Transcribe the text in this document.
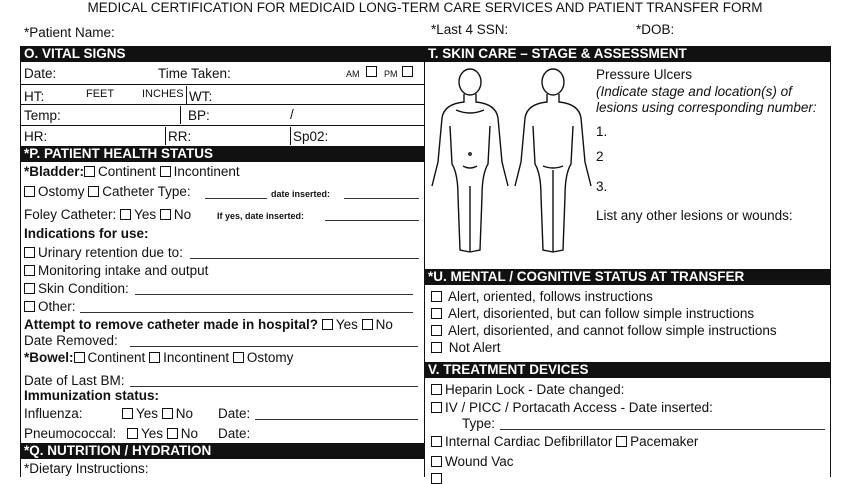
MEDICAL CERTIFICATION FOR MEDICAID LONG-TERM CARE SERVICES AND PATIENT TRANSFER FORM
*Patient Name:	*Last 4 SSN:	*DOB:
O. VITAL SIGNS
Date:	Time Taken:	AM	PM
HT:	FEET	INCHES WT:
Temp:	BP:	/
HR:	RR:	Sp02:
*P. PATIENT HEALTH STATUS
*Bladder: Continent Incontinent
Ostomy Catheter Type:	date inserted:
Foley Catheter: Yes No	If yes, date inserted:
Indications for use:
Urinary retention due to:
Monitoring intake and output
Skin Condition:
Other:
Attempt to remove catheter made in hospital? Yes No
Date Removed:
*Bowel: Continent Incontinent Ostomy
Date of Last BM:
Immunization status:
Influenza:	Yes No Date:
Pneumococcal:	Yes No Date:
*Q. NUTRITION / HYDRATION
*Dietary Instructions:
T. SKIN CARE – STAGE & ASSESSMENT
Pressure Ulcers
(Indicate stage and location(s) of lesions using corresponding number:
1.
2
3.
List any other lesions or wounds:
*U. MENTAL / COGNITIVE STATUS AT TRANSFER
Alert, oriented, follows instructions
Alert, disoriented, but can follow simple instructions
Alert, disoriented, and cannot follow simple instructions
Not Alert
V. TREATMENT DEVICES
Heparin Lock - Date changed:
IV / PICC / Portacath Access - Date inserted:
Type:
Internal Cardiac Defibrillator Pacemaker
Wound Vac
